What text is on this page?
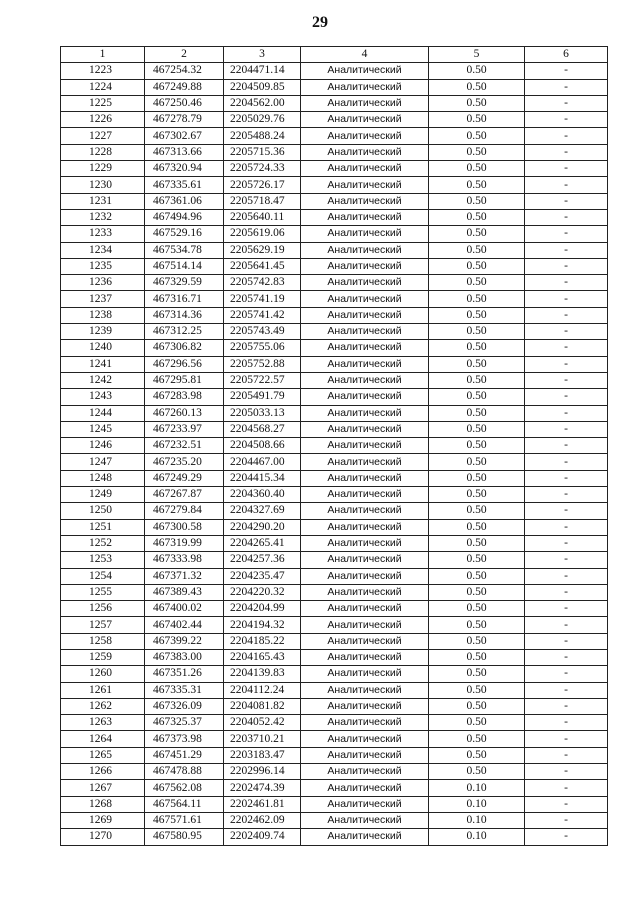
29
1	2	3	4	5	6
1223	467254.32	2204471.14	Аналитический	0.50	-
1224	467249.88	2204509.85	Аналитический	0.50	-
1225	467250.46	2204562.00	Аналитический	0.50	-
1226	467278.79	2205029.76	Аналитический	0.50	-
1227	467302.67	2205488.24	Аналитический	0.50	-
1228	467313.66	2205715.36	Аналитический	0.50	-
1229	467320.94	2205724.33	Аналитический	0.50	-
1230	467335.61	2205726.17	Аналитический	0.50	-
1231	467361.06	2205718.47	Аналитический	0.50	-
1232	467494.96	2205640.11	Аналитический	0.50	-
1233	467529.16	2205619.06	Аналитический	0.50	-
1234	467534.78	2205629.19	Аналитический	0.50	-
1235	467514.14	2205641.45	Аналитический	0.50	-
1236	467329.59	2205742.83	Аналитический	0.50	-
1237	467316.71	2205741.19	Аналитический	0.50	-
1238	467314.36	2205741.42	Аналитический	0.50	-
1239	467312.25	2205743.49	Аналитический	0.50	-
1240	467306.82	2205755.06	Аналитический	0.50	-
1241	467296.56	2205752.88	Аналитический	0.50	-
1242	467295.81	2205722.57	Аналитический	0.50	-
1243	467283.98	2205491.79	Аналитический	0.50	-
1244	467260.13	2205033.13	Аналитический	0.50	-
1245	467233.97	2204568.27	Аналитический	0.50	-
1246	467232.51	2204508.66	Аналитический	0.50	-
1247	467235.20	2204467.00	Аналитический	0.50	-
1248	467249.29	2204415.34	Аналитический	0.50	-
1249	467267.87	2204360.40	Аналитический	0.50	-
1250	467279.84	2204327.69	Аналитический	0.50	-
1251	467300.58	2204290.20	Аналитический	0.50	-
1252	467319.99	2204265.41	Аналитический	0.50	-
1253	467333.98	2204257.36	Аналитический	0.50	-
1254	467371.32	2204235.47	Аналитический	0.50	-
1255	467389.43	2204220.32	Аналитический	0.50	-
1256	467400.02	2204204.99	Аналитический	0.50	-
1257	467402.44	2204194.32	Аналитический	0.50	-
1258	467399.22	2204185.22	Аналитический	0.50	-
1259	467383.00	2204165.43	Аналитический	0.50	-
1260	467351.26	2204139.83	Аналитический	0.50	-
1261	467335.31	2204112.24	Аналитический	0.50	-
1262	467326.09	2204081.82	Аналитический	0.50	-
1263	467325.37	2204052.42	Аналитический	0.50	-
1264	467373.98	2203710.21	Аналитический	0.50	-
1265	467451.29	2203183.47	Аналитический	0.50	-
1266	467478.88	2202996.14	Аналитический	0.50	-
1267	467562.08	2202474.39	Аналитический	0.10	-
1268	467564.11	2202461.81	Аналитический	0.10	-
1269	467571.61	2202462.09	Аналитический	0.10	-
1270	467580.95	2202409.74	Аналитический	0.10	-
